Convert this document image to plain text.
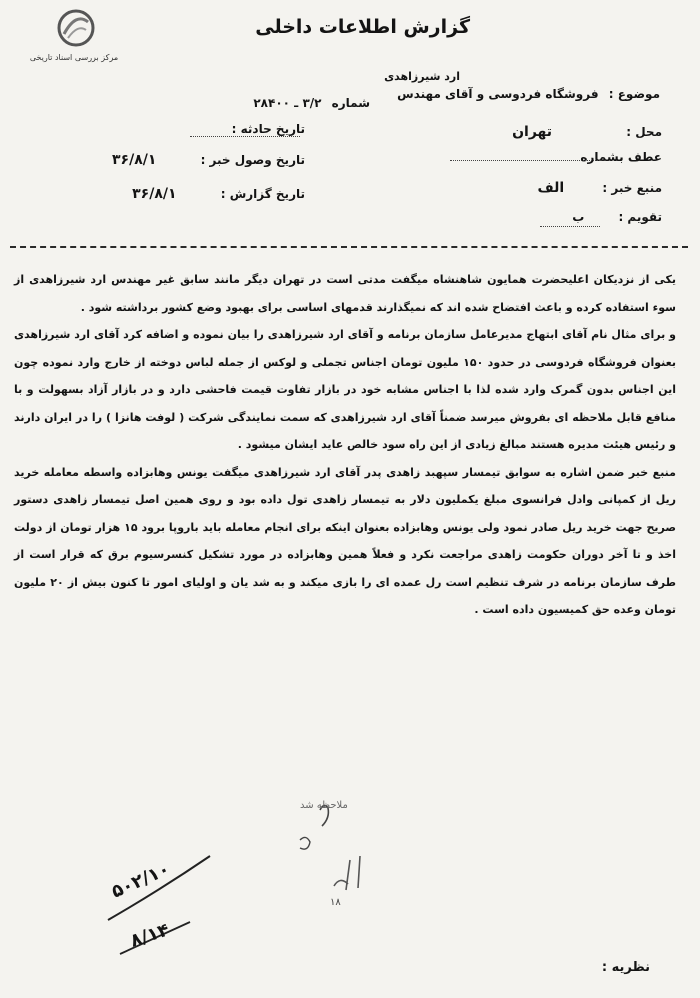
مرکز بررسی اسناد تاریخی
گزارش اطلاعات داخلی
موضوع : فروشگاه فردوسی و آقای مهندس
ارد شیرزاهدی
شماره ۳/۲ ـ ۲۸۴۰۰
تاریخ حادثه :	محل : تهران
تاریخ وصول خبر : ۳۶/۸/۱	عطف بشماره
تاریخ گزارش : ۳۶/۸/۱	منبع خبر : الف
تقویم : ب

یکی از نزدیکان اعلیحضرت همایون شاهنشاه میگفت مدتی است در تهران دیگر مانند سابق غیر مهندس ارد شیرزاهدی از سوء استفاده کرده و باعث افتضاح شده اند که نمیگذارند قدمهای اساسی برای بهبود وضع کشور برداشته شود .

و برای مثال نام آقای ابتهاج مدیرعامل سازمان برنامه و آقای ارد شیرزاهدی را بیان نموده و اضافه کرد آقای ارد شیرزاهدی بعنوان فروشگاه فردوسی در حدود ۱۵۰ ملیون تومان اجناس تجملی و لوکس از جمله لباس دوخته از خارج وارد نموده چون این اجناس بدون گمرک وارد شده لذا با اجناس مشابه خود در بازار تفاوت قیمت فاحشی دارد و در بازار آزاد بسهولت و با منافع قابل ملاحظه ای بفروش میرسد ضمناً آقای ارد شیرزاهدی که سمت نمایندگی شرکت ( لوفت هانزا ) را در ایران دارند و رئیس هیئت مدیره هستند مبالغ زیادی از این راه سود خالص عاید ایشان میشود .

منبع خبر ضمن اشاره به سوابق تیمسار سپهبد زاهدی پدر آقای ارد شیرزاهدی میگفت یونس وهابزاده واسطه معامله خرید ریل از کمپانی وادل فرانسوی مبلغ یکملیون دلار به تیمسار زاهدی تول داده بود و روی همین اصل تیمسار زاهدی دستور صریح جهت خرید ریل صادر نمود ولی یونس وهابزاده بعنوان اینکه برای انجام معامله باید باروپا برود ۱۵ هزار تومان از دولت اخذ و تا آخر دوران حکومت زاهدی مراجعت نکرد و فعلاً همین وهابزاده در مورد تشکیل کنسرسیوم برق که قرار است از طرف سازمان برنامه در شرف تنظیم است رل عمده ای را بازی میکند و به شد یان و اولیای امور تا کنون بیش از ۲۰ ملیون تومان وعده حق کمیسیون داده است .

۱۸
ملاحظه شد
۵۰۲/۱۰
۸/۱۴
نظریه :
